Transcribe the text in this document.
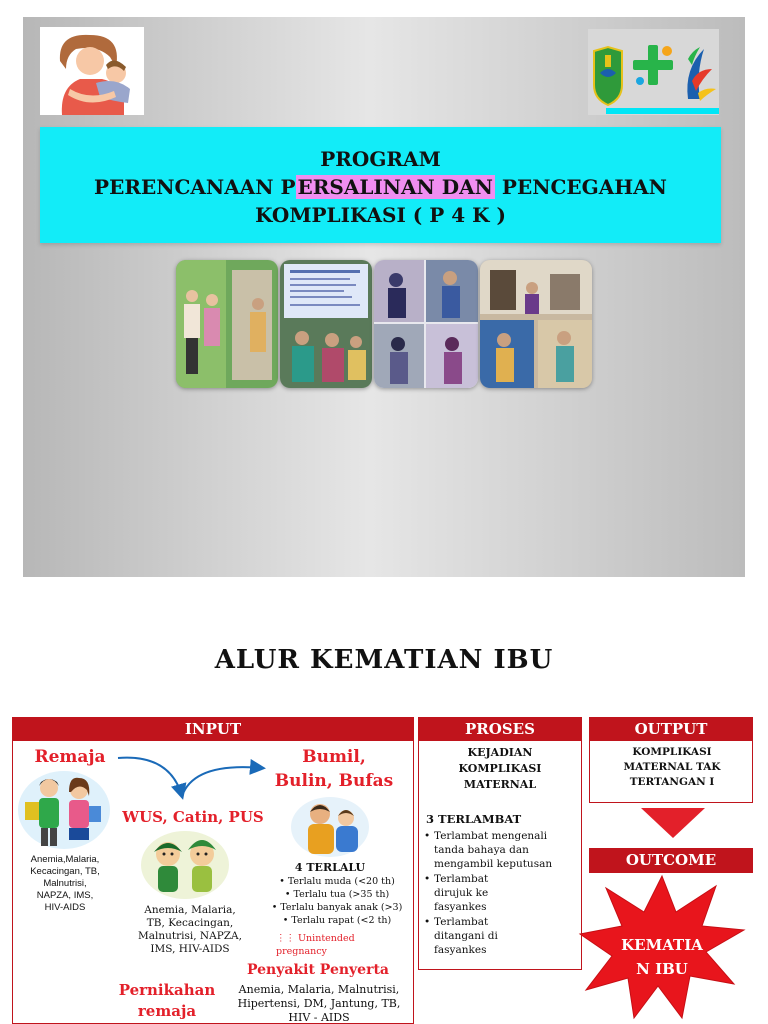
PROGRAM
PERENCANAAN P ERSALINAN DAN PENCEGAHAN
KOMPLIKASI ( P 4 K )
ALUR KEMATIAN IBU
INPUT
Remaja
Anemia,Malaria,
Kecacingan, TB,
Malnutrisi,
NAPZA, IMS,
HIV-AIDS
WUS, Catin, PUS
Anemia, Malaria,
TB, Kecacingan,
Malnutrisi, NAPZA,
IMS, HIV-AIDS
Bumil,
Bulin, Bufas
4 TERLALU
• Terlalu muda (<20 th)
• Terlalu tua (>35 th)
• Terlalu banyak anak (>3)
• Terlalu rapat (<2 th)
⋮⋮ Unintended pregnancy
Pernikahan
remaja
Penyakit Penyerta
Anemia, Malaria, Malnutrisi,
Hipertensi, DM, Jantung, TB,
HIV - AIDS
PROSES
KEJADIAN
KOMPLIKASI
MATERNAL
3 TERLAMBAT
• Terlambat mengenali tanda bahaya dan mengambil keputusan
• Terlambat dirujuk ke fasyankes
• Terlambat ditangani di fasyankes
OUTPUT
KOMPLIKASI
MATERNAL TAK
TERTANGAN I
OUTCOME
KEMATIA
N IBU
